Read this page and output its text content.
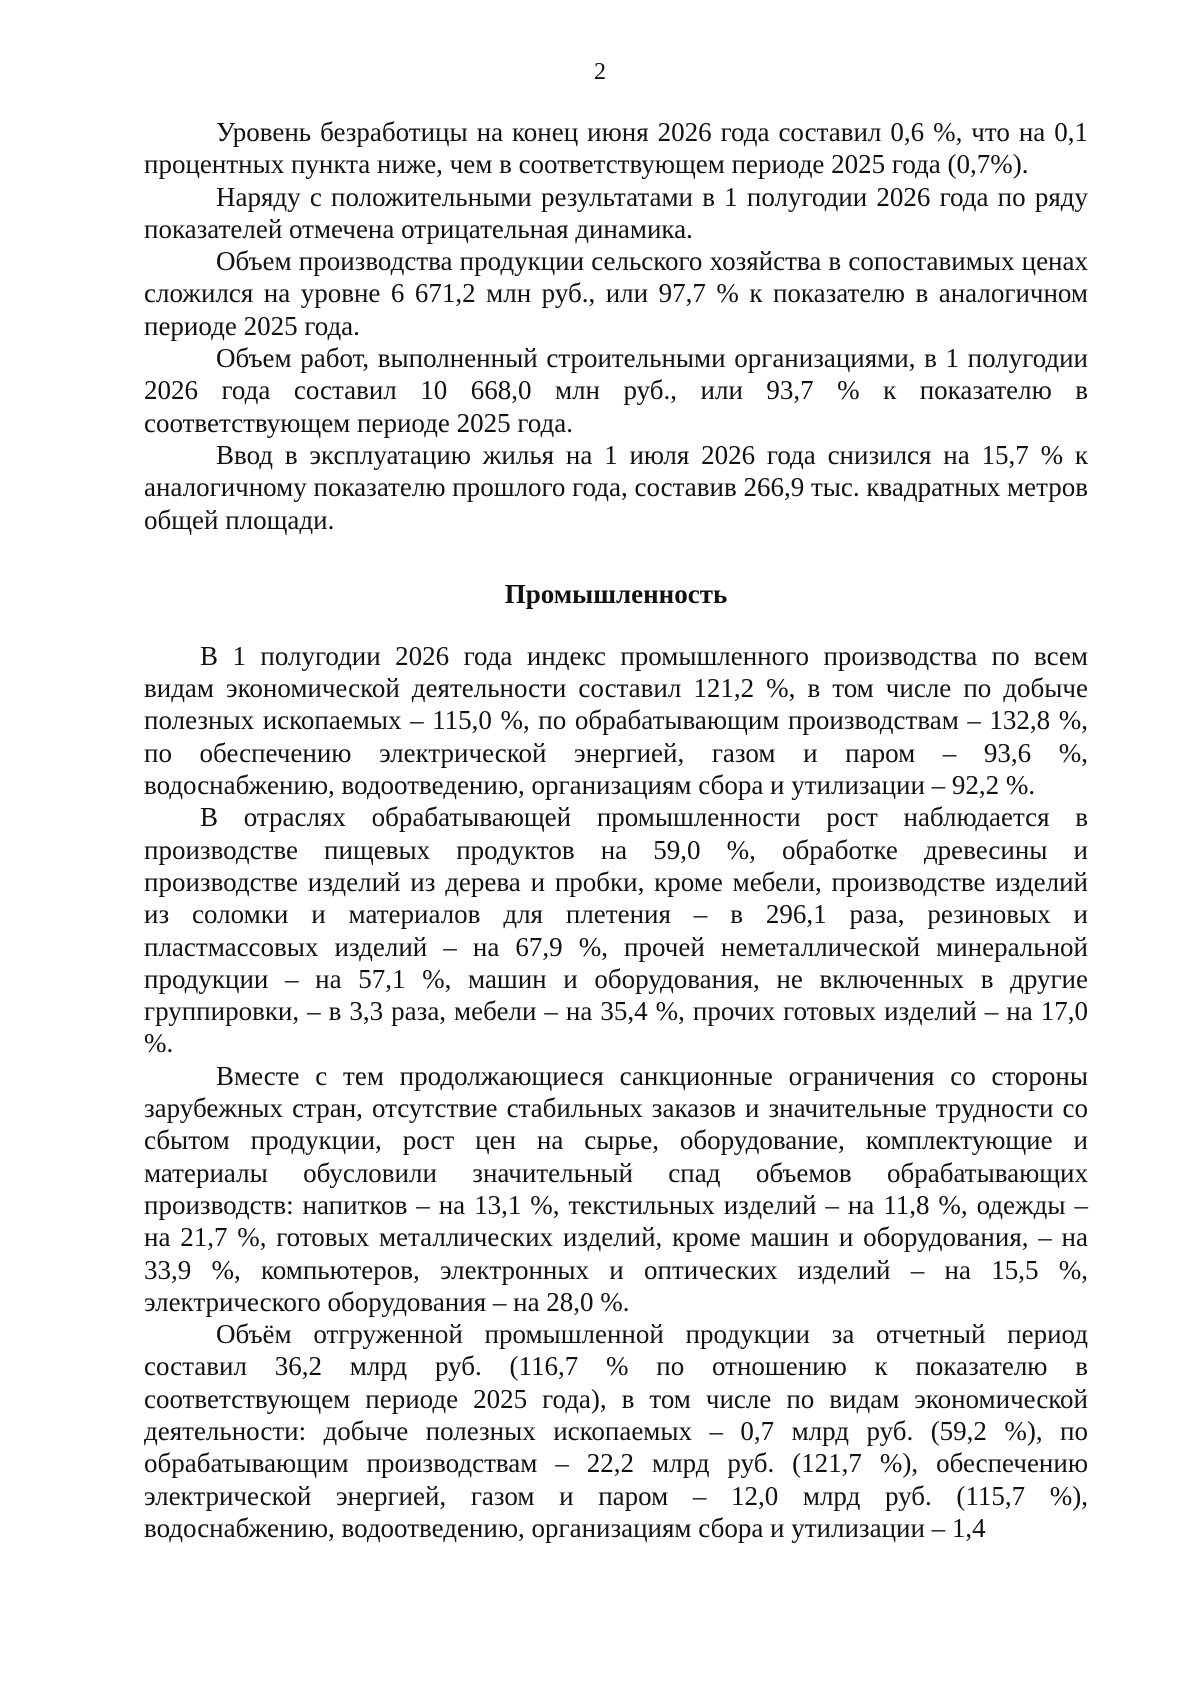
2

Уровень безработицы на конец июня 2026 года составил 0,6 %, что на 0,1 процентных пункта ниже, чем в соответствующем периоде 2025 года (0,7%).

Наряду с положительными результатами в 1 полугодии 2026 года по ряду показателей отмечена отрицательная динамика.

Объем производства продукции сельского хозяйства в сопоставимых ценах сложился на уровне 6 671,2 млн руб., или 97,7 % к показателю в аналогичном периоде 2025 года.

Объем работ, выполненный строительными организациями, в 1 полугодии 2026 года составил 10 668,0 млн руб., или 93,7 % к показателю в соответствующем периоде 2025 года.

Ввод в эксплуатацию жилья на 1 июля 2026 года снизился на 15,7 % к аналогичному показателю прошлого года, составив 266,9 тыс. квадратных метров общей площади.

Промышленность

В 1 полугодии 2026 года индекс промышленного производства по всем видам экономической деятельности составил 121,2 %, в том числе по добыче полезных ископаемых – 115,0 %, по обрабатывающим производствам – 132,8 %, по обеспечению электрической энергией, газом и паром – 93,6 %, водоснабжению, водоотведению, организациям сбора и утилизации – 92,2 %.

В отраслях обрабатывающей промышленности рост наблюдается в производстве пищевых продуктов на 59,0 %, обработке древесины и производстве изделий из дерева и пробки, кроме мебели, производстве изделий из соломки и материалов для плетения – в 296,1 раза, резиновых и пластмассовых изделий – на 67,9 %, прочей неметаллической минеральной продукции – на 57,1 %, машин и оборудования, не включенных в другие группировки, – в 3,3 раза, мебели – на 35,4 %, прочих готовых изделий – на 17,0 %.

Вместе с тем продолжающиеся санкционные ограничения со стороны зарубежных стран, отсутствие стабильных заказов и значительные трудности со сбытом продукции, рост цен на сырье, оборудование, комплектующие и материалы обусловили значительный спад объемов обрабатывающих производств: напитков – на 13,1 %, текстильных изделий – на 11,8 %, одежды – на 21,7 %, готовых металлических изделий, кроме машин и оборудования, – на 33,9 %, компьютеров, электронных и оптических изделий – на 15,5 %, электрического оборудования – на 28,0 %.

Объём отгруженной промышленной продукции за отчетный период составил 36,2 млрд руб. (116,7 % по отношению к показателю в соответствующем периоде 2025 года), в том числе по видам экономической деятельности: добыче полезных ископаемых – 0,7 млрд руб. (59,2 %), по обрабатывающим производствам – 22,2 млрд руб. (121,7 %), обеспечению электрической энергией, газом и паром – 12,0 млрд руб. (115,7 %), водоснабжению, водоотведению, организациям сбора и утилизации – 1,4
